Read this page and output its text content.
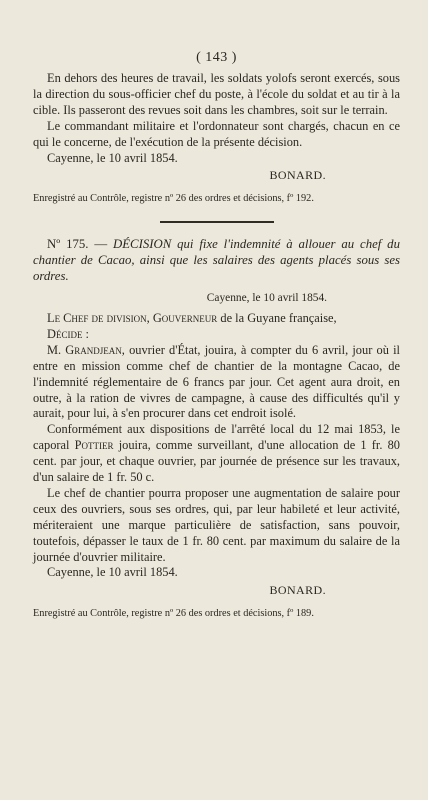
( 143 )

En dehors des heures de travail, les soldats yolofs seront exercés, sous la direction du sous-officier chef du poste, à l'école du soldat et au tir à la cible. Ils passeront des revues soit dans les chambres, soit sur le terrain.

Le commandant militaire et l'ordonnateur sont chargés, chacun en ce qui le concerne, de l'exécution de la présente décision.

Cayenne, le 10 avril 1854.

BONARD.

Enregistré au Contrôle, registre nº 26 des ordres et décisions, fº 192.

Nº 175. — DÉCISION qui fixe l'indemnité à allouer au chef du chantier de Cacao, ainsi que les salaires des agents placés sous ses ordres.

Cayenne, le 10 avril 1854.

Le Chef de division, Gouverneur de la Guyane française,

Décide :

M. Grandjean, ouvrier d'État, jouira, à compter du 6 avril, jour où il entre en mission comme chef de chantier de la montagne Cacao, de l'indemnité réglementaire de 6 francs par jour. Cet agent aura droit, en outre, à la ration de vivres de campagne, à cause des difficultés qu'il y aurait, pour lui, à s'en procurer dans cet endroit isolé.

Conformément aux dispositions de l'arrêté local du 12 mai 1853, le caporal Pottier jouira, comme surveillant, d'une allocation de 1 fr. 80 cent. par jour, et chaque ouvrier, par journée de présence sur les travaux, d'un salaire de 1 fr. 50 c.

Le chef de chantier pourra proposer une augmentation de salaire pour ceux des ouvriers, sous ses ordres, qui, par leur habileté et leur activité, mériteraient une marque particulière de satisfaction, sans pouvoir, toutefois, dépasser le taux de 1 fr. 80 cent. par maximum du salaire de la journée d'ouvrier militaire.

Cayenne, le 10 avril 1854.

BONARD.

Enregistré au Contrôle, registre nº 26 des ordres et décisions, fº 189.
